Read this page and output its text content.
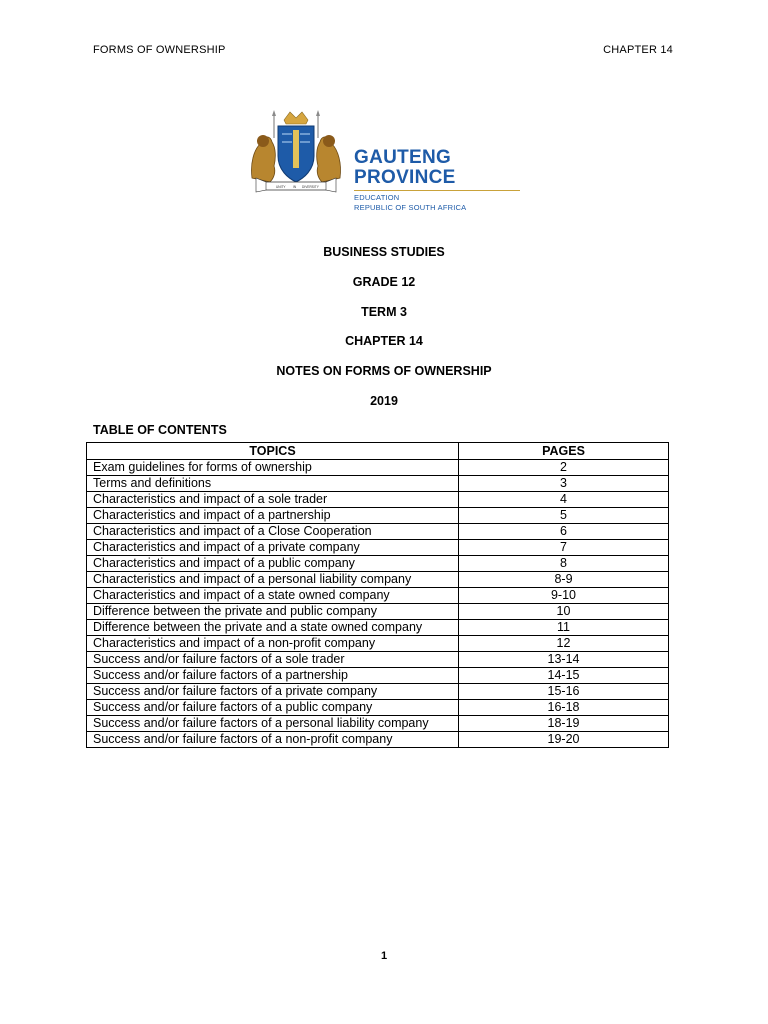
FORMS OF OWNERSHIP	CHAPTER 14
UNITY IN DIVERSITY
GAUTENG PROVINCE
EDUCATION
REPUBLIC OF SOUTH AFRICA
BUSINESS STUDIES
GRADE 12
TERM 3
CHAPTER 14
NOTES ON FORMS OF OWNERSHIP
2019
TABLE OF CONTENTS
TOPICS	PAGES
Exam guidelines for forms of ownership	2
Terms and definitions	3
Characteristics and impact of a sole trader	4
Characteristics and impact of a partnership	5
Characteristics and impact of a Close Cooperation	6
Characteristics and impact of a private company	7
Characteristics and impact of a public company	8
Characteristics and impact of a personal liability company	8-9
Characteristics and impact of a state owned company	9-10
Difference between the private and public company	10
Difference between the private and a state owned company	11
Characteristics and impact of a non-profit company	12
Success and/or failure factors of a sole trader	13-14
Success and/or failure factors of a partnership	14-15
Success and/or failure factors of a private company	15-16
Success and/or failure factors of a public company	16-18
Success and/or failure factors of a personal liability company	18-19
Success and/or failure factors of a non-profit company	19-20
1
